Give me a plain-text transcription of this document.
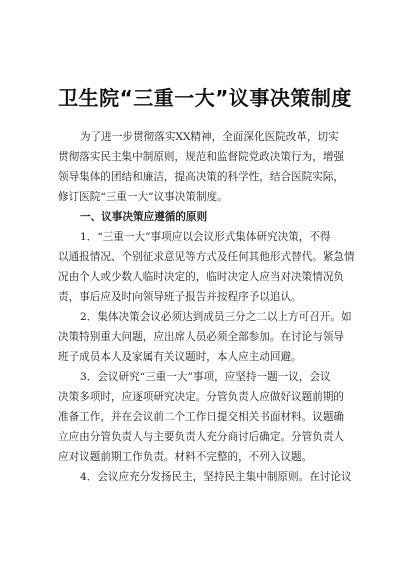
卫生院“三重一大”议事决策制度
为了进一步贯彻落实XX精神，全面深化医院改革，切实
贯彻落实民主集中制原则，规范和监督院党政决策行为，增强
领导集体的团结和廉洁，提高决策的科学性，结合医院实际，
修订医院“三重一大”议事决策制度。
一、议事决策应遵循的原则
1．“三重一大”事项应以会议形式集体研究决策，不得
以通报情况、个别征求意见等方式及任何其他形式替代。紧急情
况由个人或少数人临时决定的，临时决定人应当对决策情况负
责，事后应及时向领导班子报告并按程序予以追认。
2．集体决策会议必须达到成员三分之二以上方可召开。如
决策特别重大问题，应出席人员必须全部参加。在讨论与领导
班子成员本人及家属有关议题时，本人应主动回避。
3．会议研究“三重一大”事项，应坚持一题一议，会议
决策多项时，应逐项研究决定。分管负责人应做好议题前期的
准备工作，并在会议前二个工作日提交相关书面材料。议题确
立应由分管负责人与主要负责人充分商讨后确定。分管负责人
应对议题前期工作负责。材料不完整的，不列入议题。
4．会议应充分发扬民主，坚持民主集中制原则。在讨论议
